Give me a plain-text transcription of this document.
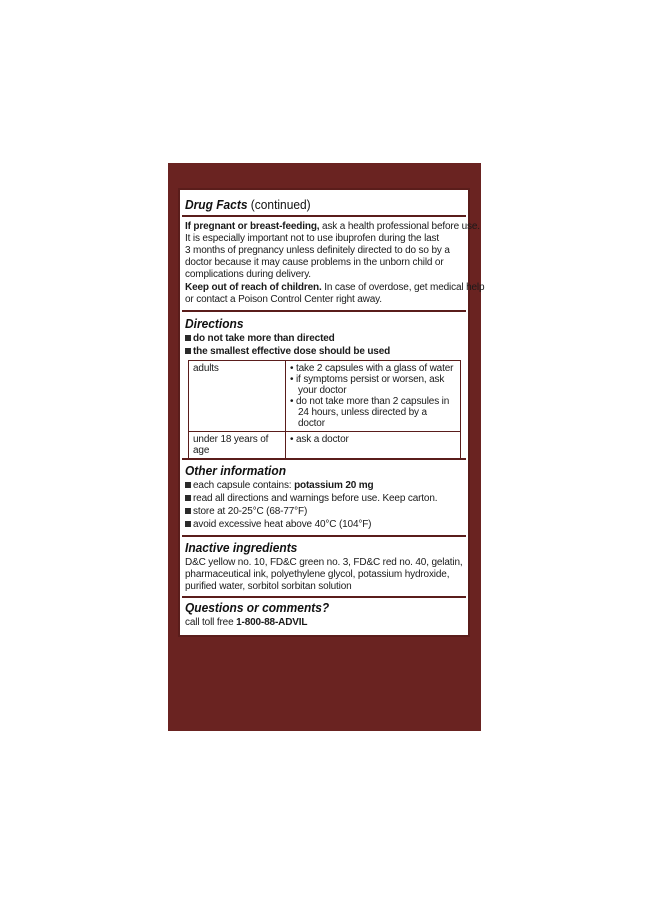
Drug Facts (continued)
If pregnant or breast-feeding, ask a health professional before use.
It is especially important not to use ibuprofen during the last
3 months of pregnancy unless definitely directed to do so by a
doctor because it may cause problems in the unborn child or
complications during delivery.
Keep out of reach of children. In case of overdose, get medical help
or contact a Poison Control Center right away.
Directions
do not take more than directed
the smallest effective dose should be used
adults	• take 2 capsules with a glass of water
• if symptoms persist or worsen, ask your doctor
• do not take more than 2 capsules in 24 hours, unless directed by a doctor

under 18 years of age	• ask a doctor
Other information
each capsule contains: potassium 20 mg
read all directions and warnings before use. Keep carton.
store at 20-25°C (68-77°F)
avoid excessive heat above 40°C (104°F)
Inactive ingredients
D&C yellow no. 10, FD&C green no. 3, FD&C red no. 40, gelatin,
pharmaceutical ink, polyethylene glycol, potassium hydroxide,
purified water, sorbitol sorbitan solution
Questions or comments?
call toll free 1-800-88-ADVIL
